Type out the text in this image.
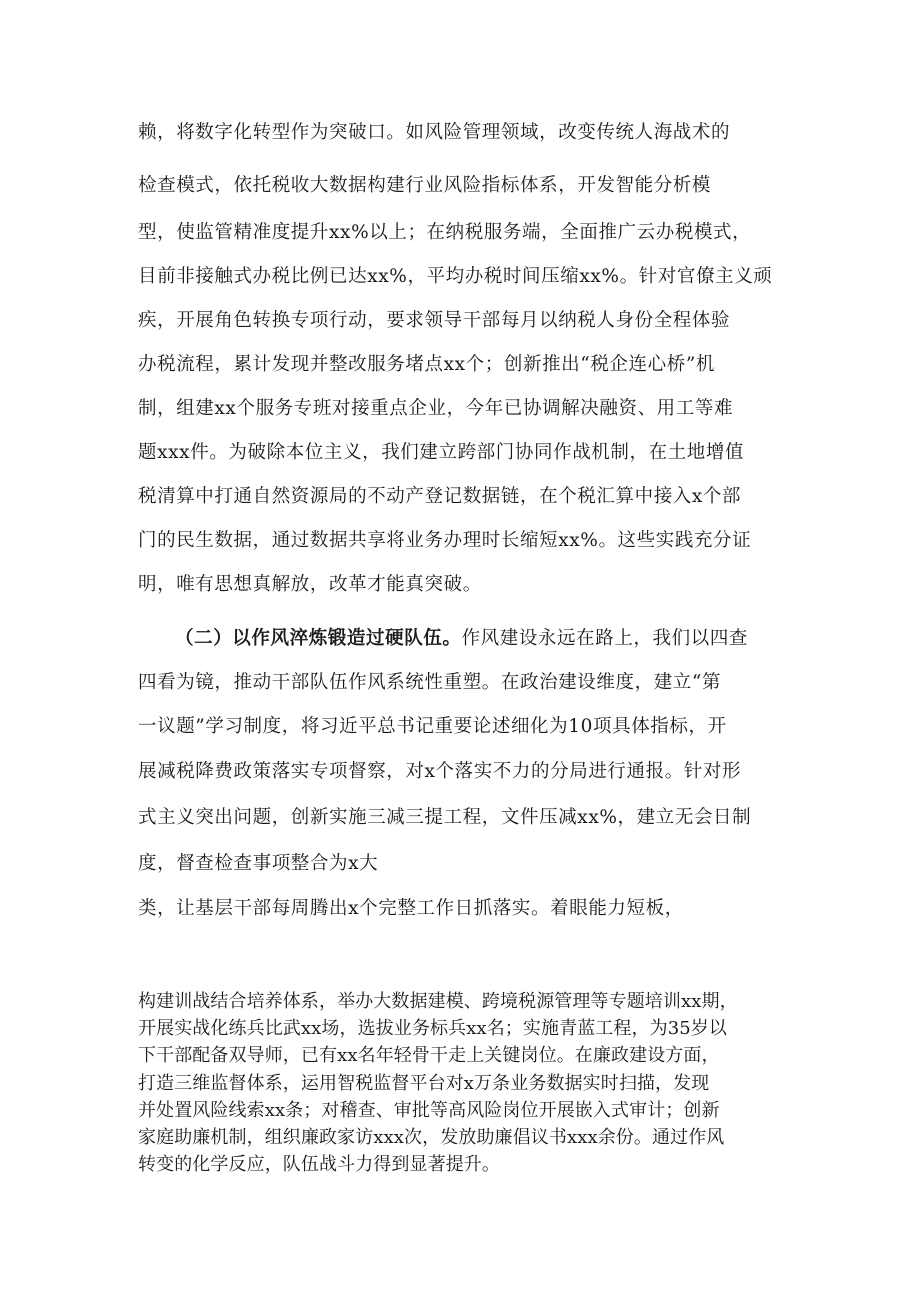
赖，将数字化转型作为突破口。如风险管理领域，改变传统人海战术的

检查模式，依托税收大数据构建行业风险指标体系，开发智能分析模

型，使监管精准度提升xx%以上；在纳税服务端，全面推广云办税模式，

目前非接触式办税比例已达xx%，平均办税时间压缩xx%。针对官僚主义顽

疾，开展角色转换专项行动，要求领导干部每月以纳税人身份全程体验

办税流程，累计发现并整改服务堵点xx个；创新推出“税企连心桥”机

制，组建xx个服务专班对接重点企业，今年已协调解决融资、用工等难

题xxx件。为破除本位主义，我们建立跨部门协同作战机制，在土地增值

税清算中打通自然资源局的不动产登记数据链，在个税汇算中接入x个部

门的民生数据，通过数据共享将业务办理时长缩短xx%。这些实践充分证

明，唯有思想真解放，改革才能真突破。

（二）以作风淬炼锻造过硬队伍。作风建设永远在路上，我们以四查

四看为镜，推动干部队伍作风系统性重塑。在政治建设维度，建立“第

一议题”学习制度，将习近平总书记重要论述细化为10项具体指标，开

展减税降费政策落实专项督察，对x个落实不力的分局进行通报。针对形

式主义突出问题，创新实施三减三提工程，文件压减xx%，建立无会日制

度，督查检查事项整合为x大

类，让基层干部每周腾出x个完整工作日抓落实。着眼能力短板，

构建训战结合培养体系，举办大数据建模、跨境税源管理等专题培训xx期，
开展实战化练兵比武xx场，选拔业务标兵xx名；实施青蓝工程，为35岁以
下干部配备双导师，已有xx名年轻骨干走上关键岗位。在廉政建设方面，
打造三维监督体系，运用智税监督平台对x万条业务数据实时扫描，发现
并处置风险线索xx条；对稽查、审批等高风险岗位开展嵌入式审计；创新
家庭助廉机制，组织廉政家访xxx次，发放助廉倡议书xxx余份。通过作风
转变的化学反应，队伍战斗力得到显著提升。
